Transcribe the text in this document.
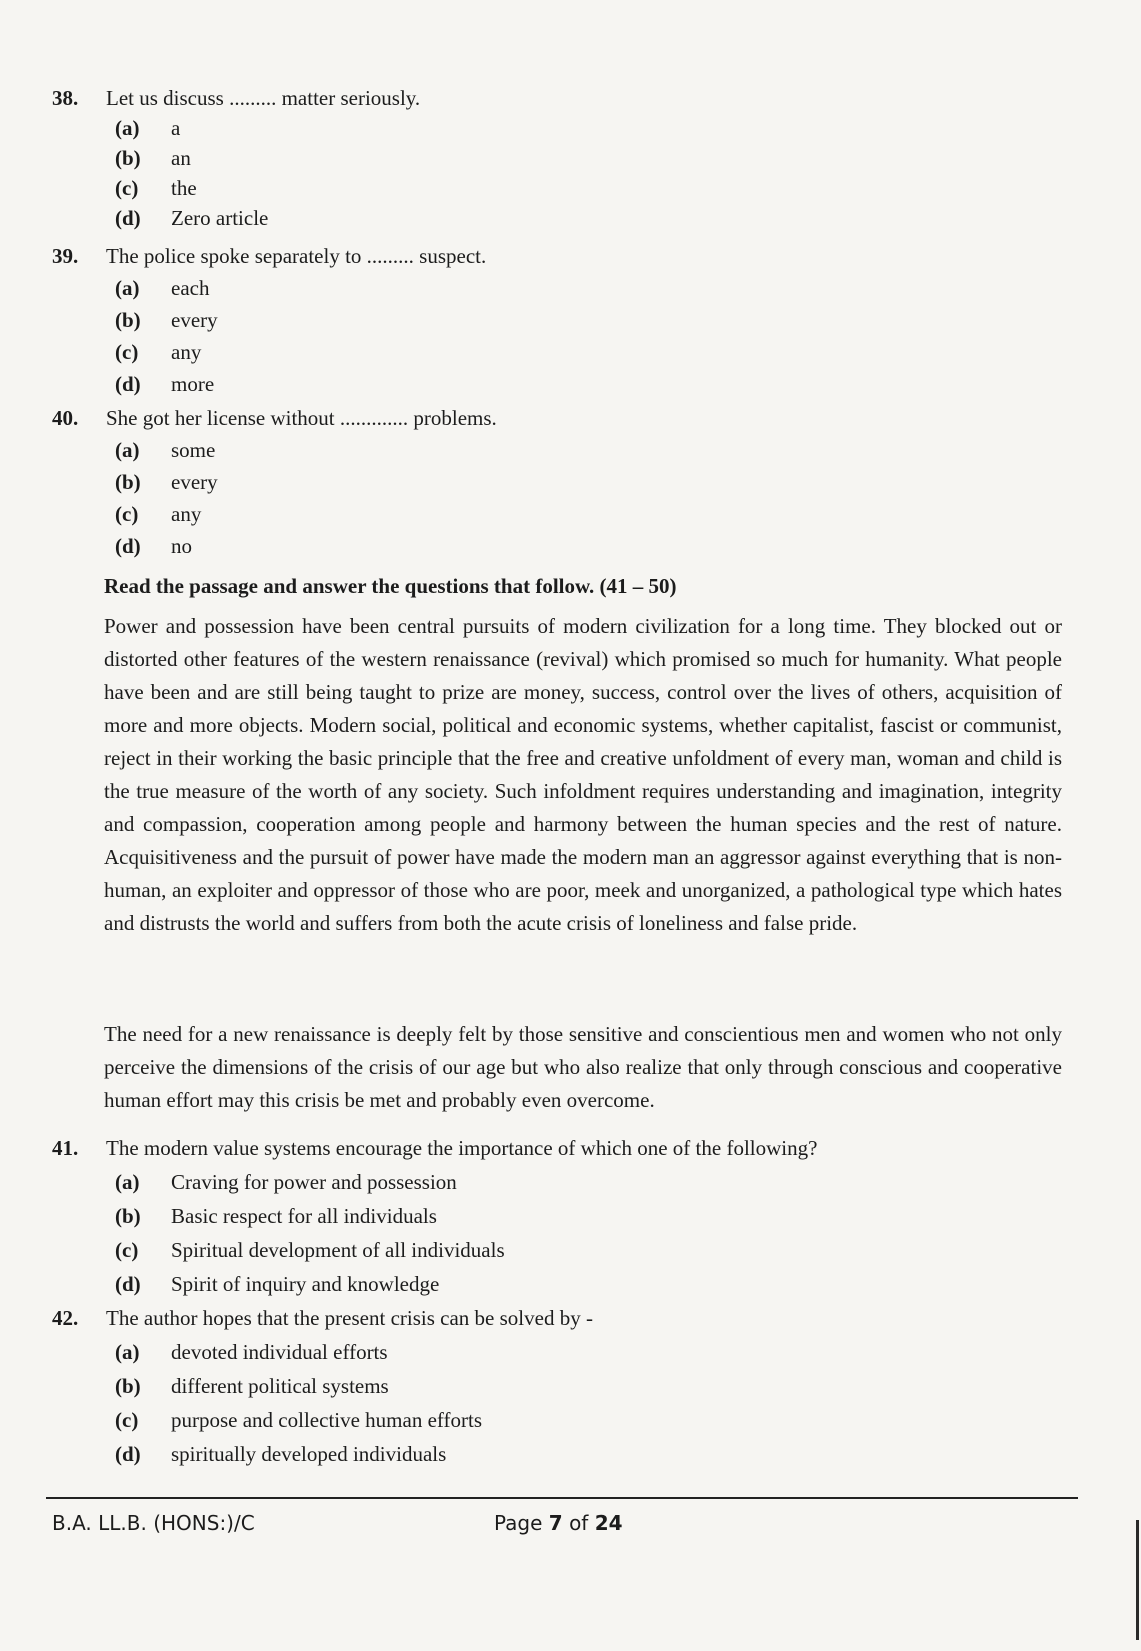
38. Let us discuss ......... matter seriously.
(a) a
(b) an
(c) the
(d) Zero article
39. The police spoke separately to ......... suspect.
(a) each
(b) every
(c) any
(d) more
40. She got her license without ............. problems.
(a) some
(b) every
(c) any
(d) no
Read the passage and answer the questions that follow. (41 – 50)
Power and possession have been central pursuits of modern civilization for a long time. They blocked out or distorted other features of the western renaissance (revival) which promised so much for humanity. What people have been and are still being taught to prize are money, success, control over the lives of others, acquisition of more and more objects. Modern social, political and economic systems, whether capitalist, fascist or communist, reject in their working the basic principle that the free and creative unfoldment of every man, woman and child is the true measure of the worth of any society. Such infoldment requires understanding and imagination, integrity and compassion, cooperation among people and harmony between the human species and the rest of nature. Acquisitiveness and the pursuit of power have made the modern man an aggressor against everything that is non-human, an exploiter and oppressor of those who are poor, meek and unorganized, a pathological type which hates and distrusts the world and suffers from both the acute crisis of loneliness and false pride.
The need for a new renaissance is deeply felt by those sensitive and conscientious men and women who not only perceive the dimensions of the crisis of our age but who also realize that only through conscious and cooperative human effort may this crisis be met and probably even overcome.
41. The modern value systems encourage the importance of which one of the following?
(a) Craving for power and possession
(b) Basic respect for all individuals
(c) Spiritual development of all individuals
(d) Spirit of inquiry and knowledge
42. The author hopes that the present crisis can be solved by -
(a) devoted individual efforts
(b) different political systems
(c) purpose and collective human efforts
(d) spiritually developed individuals
B.A. LL.B. (HONS:)/C	Page 7 of 24
